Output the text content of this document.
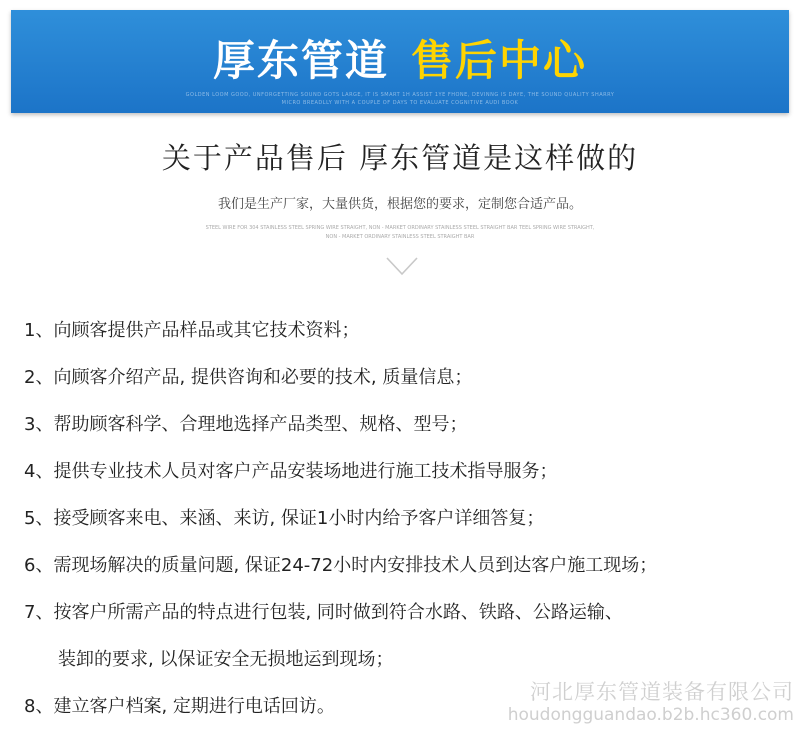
厚东管道 售后中心
GOLDEN LOOM GOOD, UNFORGETTING SOUND GOTS LARGE, IT IS SMART 1H ASSIST 1YE FHONE, DEVINNG IS DAYE, THE SOUND QUALITY SHARRY MICRO BREADLLY WITH A COUPLE OF DAYS TO EVALUATE COGNITIVE AUDI BOOK
关于产品售后 厚东管道是这样做的
我们是生产厂家，大量供货，根据您的要求，定制您合适产品。
STEEL WIRE FOR 304 STAINLESS STEEL SPRING WIRE STRAIGHT, NON - MARKET ORDINARY STAINLESS STEEL STRAIGHT BAR TEEL SPRING WIRE STRAIGHT, NON - MARKET ORDINARY STAINLESS STEEL STRAIGHT BAR
1、向顾客提供产品样品或其它技术资料；
2、向顾客介绍产品, 提供咨询和必要的技术, 质量信息；
3、帮助顾客科学、合理地选择产品类型、规格、型号；
4、提供专业技术人员对客户产品安装场地进行施工技术指导服务；
5、接受顾客来电、来涵、来访, 保证1小时内给予客户详细答复；
6、需现场解决的质量问题, 保证24-72小时内安排技术人员到达客户施工现场；
7、按客户所需产品的特点进行包装, 同时做到符合水路、铁路、公路运输、
装卸的要求, 以保证安全无损地运到现场；
8、建立客户档案, 定期进行电话回访。
河北厚东管道装备有限公司
houdongguandao.b2b.hc360.com
